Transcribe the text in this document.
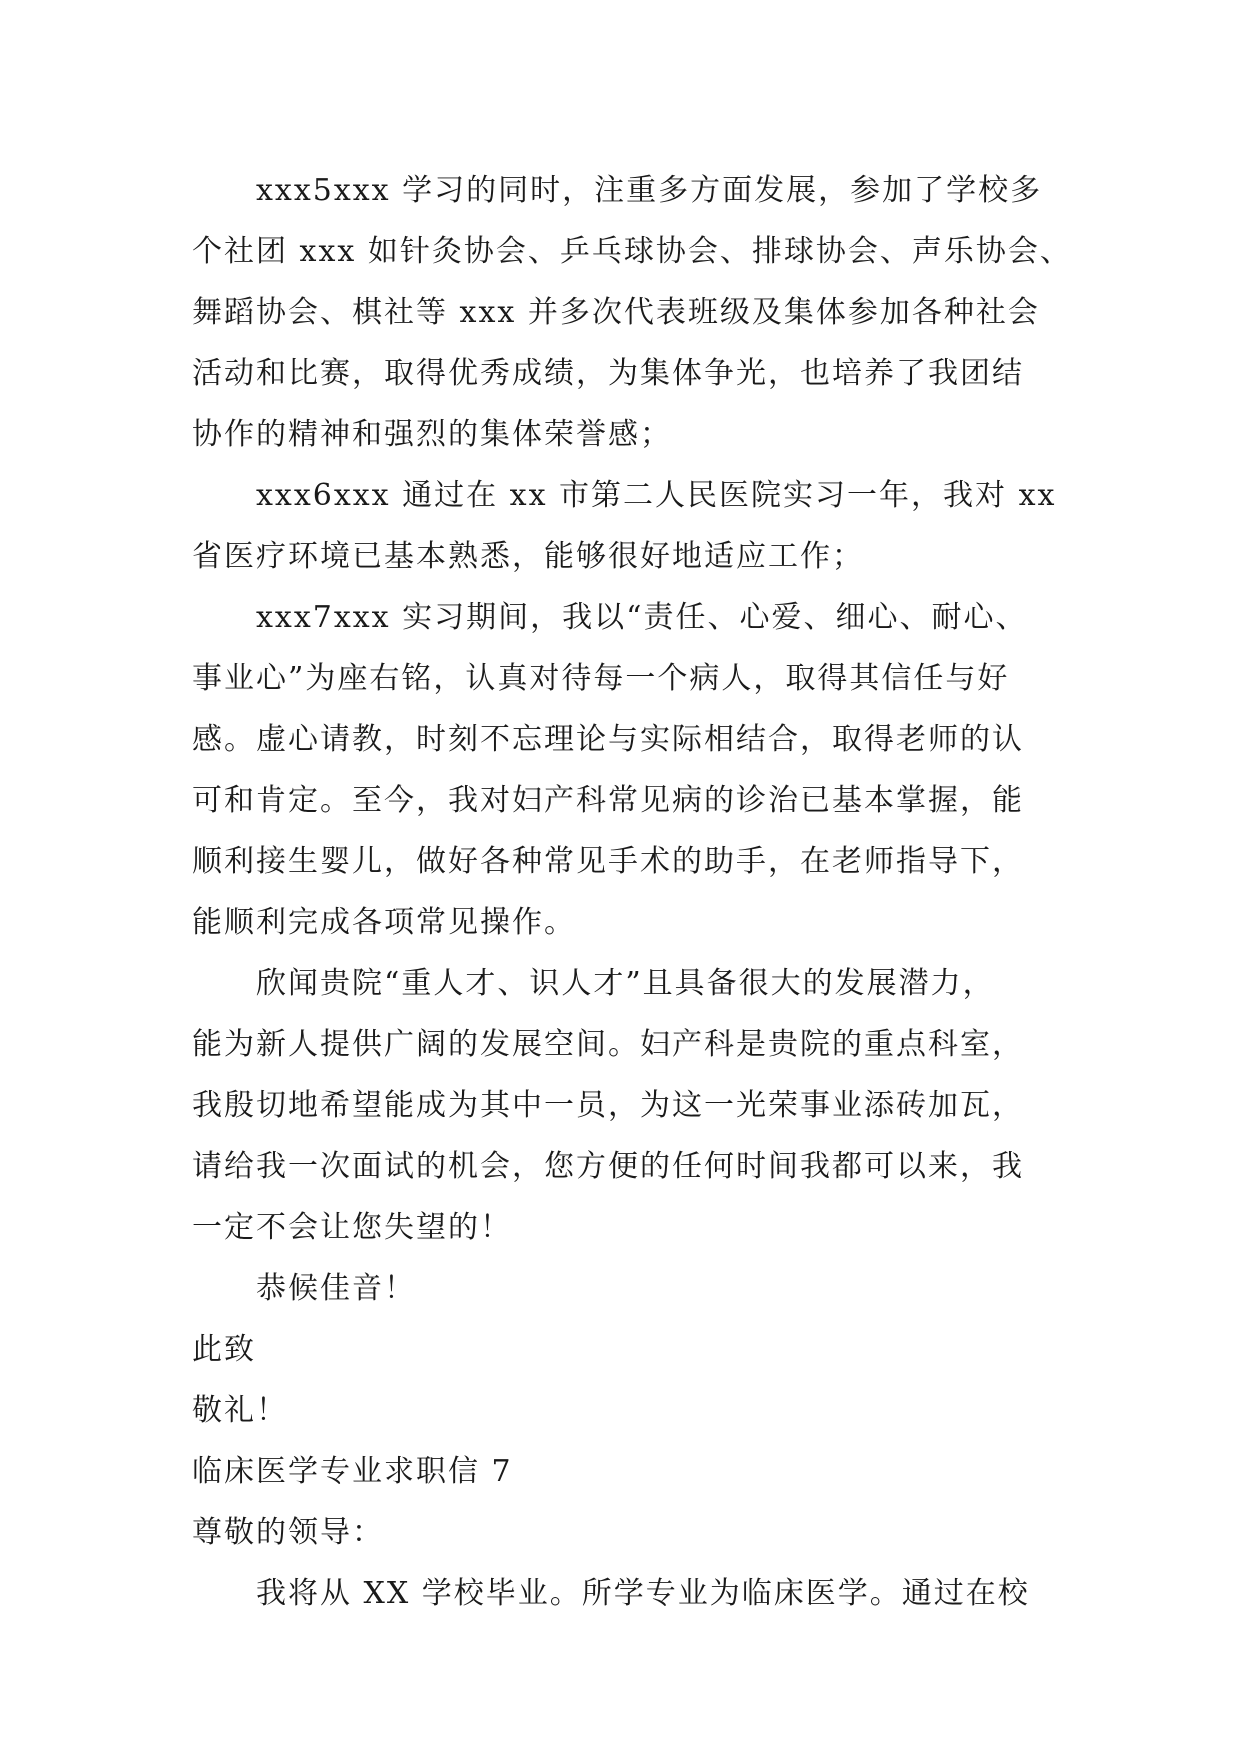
xxx5xxx 学习的同时，注重多方面发展，参加了学校多
个社团 xxx 如针灸协会、乒乓球协会、排球协会、声乐协会、
舞蹈协会、棋社等 xxx 并多次代表班级及集体参加各种社会
活动和比赛，取得优秀成绩，为集体争光，也培养了我团结
协作的精神和强烈的集体荣誉感；
xxx6xxx 通过在 xx 市第二人民医院实习一年，我对 xx
省医疗环境已基本熟悉，能够很好地适应工作；
xxx7xxx 实习期间，我以“责任、心爱、细心、耐心、
事业心”为座右铭，认真对待每一个病人，取得其信任与好
感。虚心请教，时刻不忘理论与实际相结合，取得老师的认
可和肯定。至今，我对妇产科常见病的诊治已基本掌握，能
顺利接生婴儿，做好各种常见手术的助手，在老师指导下，
能顺利完成各项常见操作。
欣闻贵院“重人才、识人才”且具备很大的发展潜力，
能为新人提供广阔的发展空间。妇产科是贵院的重点科室，
我殷切地希望能成为其中一员，为这一光荣事业添砖加瓦，
请给我一次面试的机会，您方便的任何时间我都可以来，我
一定不会让您失望的！
恭候佳音！
此致
敬礼！
临床医学专业求职信 7
尊敬的领导：
我将从 XX 学校毕业。所学专业为临床医学。通过在校
